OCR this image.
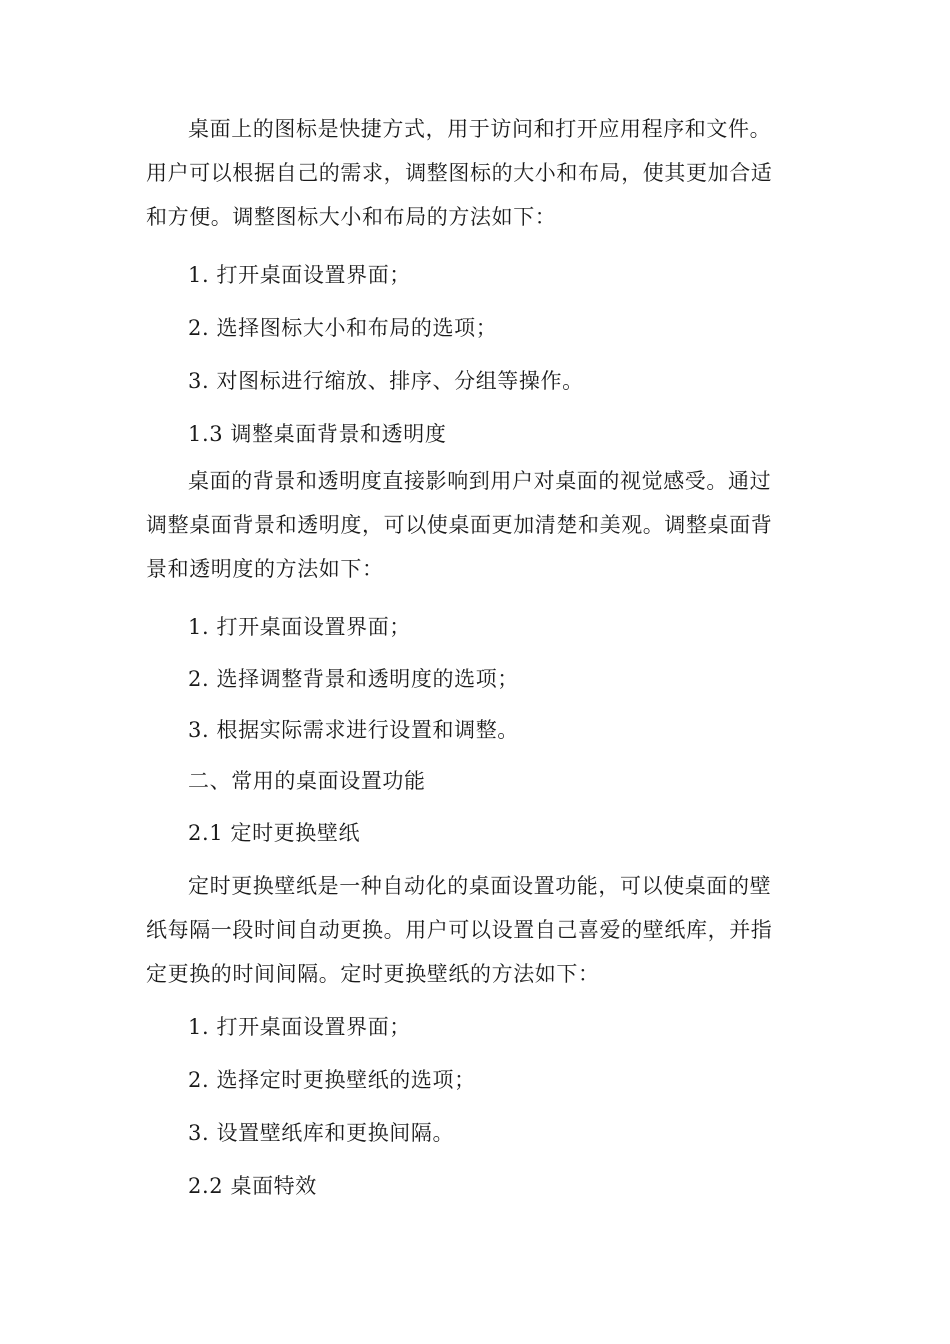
桌面上的图标是快捷方式，用于访问和打开应用程序和文件。
用户可以根据自己的需求，调整图标的大小和布局，使其更加合适
和方便。调整图标大小和布局的方法如下：
1. 打开桌面设置界面；
2. 选择图标大小和布局的选项；
3. 对图标进行缩放、排序、分组等操作。
1.3 调整桌面背景和透明度
桌面的背景和透明度直接影响到用户对桌面的视觉感受。通过
调整桌面背景和透明度，可以使桌面更加清楚和美观。调整桌面背
景和透明度的方法如下：
1. 打开桌面设置界面；
2. 选择调整背景和透明度的选项；
3. 根据实际需求进行设置和调整。
二、常用的桌面设置功能
2.1 定时更换壁纸
定时更换壁纸是一种自动化的桌面设置功能，可以使桌面的壁
纸每隔一段时间自动更换。用户可以设置自己喜爱的壁纸库，并指
定更换的时间间隔。定时更换壁纸的方法如下：
1. 打开桌面设置界面；
2. 选择定时更换壁纸的选项；
3. 设置壁纸库和更换间隔。
2.2 桌面特效
